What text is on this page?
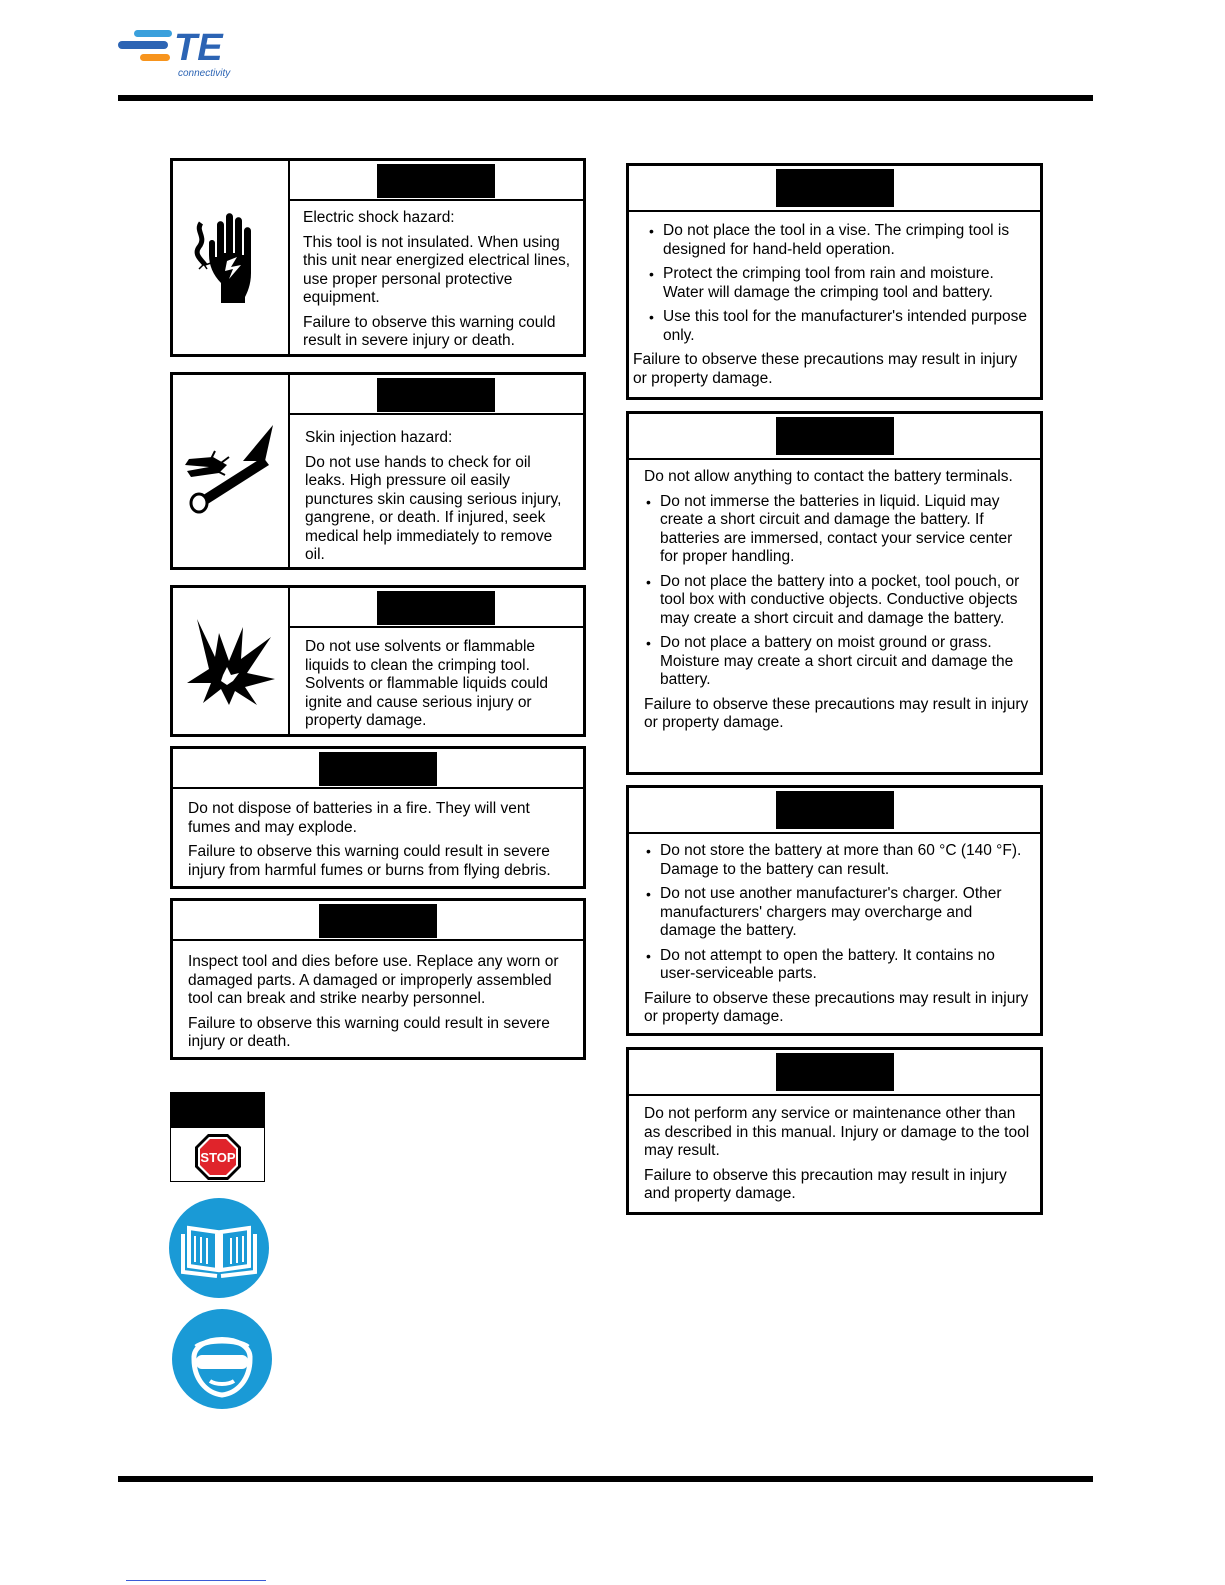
TE
connectivity

Electric shock hazard:

This tool is not insulated. When using this unit near energized electrical lines, use proper personal protective equipment.

Failure to observe this warning could result in severe injury or death.

Skin injection hazard:

Do not use hands to check for oil leaks. High pressure oil easily punctures skin causing serious injury, gangrene, or death. If injured, seek medical help immediately to remove oil.

Do not use solvents or flammable liquids to clean the crimping tool. Solvents or flammable liquids could ignite and cause serious injury or property damage.

Do not dispose of batteries in a fire. They will vent fumes and may explode.

Failure to observe this warning could result in severe injury from harmful fumes or burns from flying debris.

Inspect tool and dies before use. Replace any worn or damaged parts. A damaged or improperly assembled tool can break and strike nearby personnel.

Failure to observe this warning could result in severe injury or death.

STOP
• Do not place the tool in a vise. The crimping tool is designed for hand-held operation.
• Protect the crimping tool from rain and moisture. Water will damage the crimping tool and battery.
• Use this tool for the manufacturer's intended purpose only.

Failure to observe these precautions may result in injury or property damage.

Do not allow anything to contact the battery terminals.

• Do not immerse the batteries in liquid. Liquid may create a short circuit and damage the battery. If batteries are immersed, contact your service center for proper handling.
• Do not place the battery into a pocket, tool pouch, or tool box with conductive objects. Conductive objects may create a short circuit and damage the battery.
• Do not place a battery on moist ground or grass. Moisture may create a short circuit and damage the battery.

Failure to observe these precautions may result in injury or property damage.

• Do not store the battery at more than 60 °C (140 °F). Damage to the battery can result.
• Do not use another manufacturer's charger. Other manufacturers' chargers may overcharge and damage the battery.
• Do not attempt to open the battery. It contains no user-serviceable parts.

Failure to observe these precautions may result in injury or property damage.

Do not perform any service or maintenance other than as described in this manual. Injury or damage to the tool may result.

Failure to observe this precaution may result in injury and property damage.
